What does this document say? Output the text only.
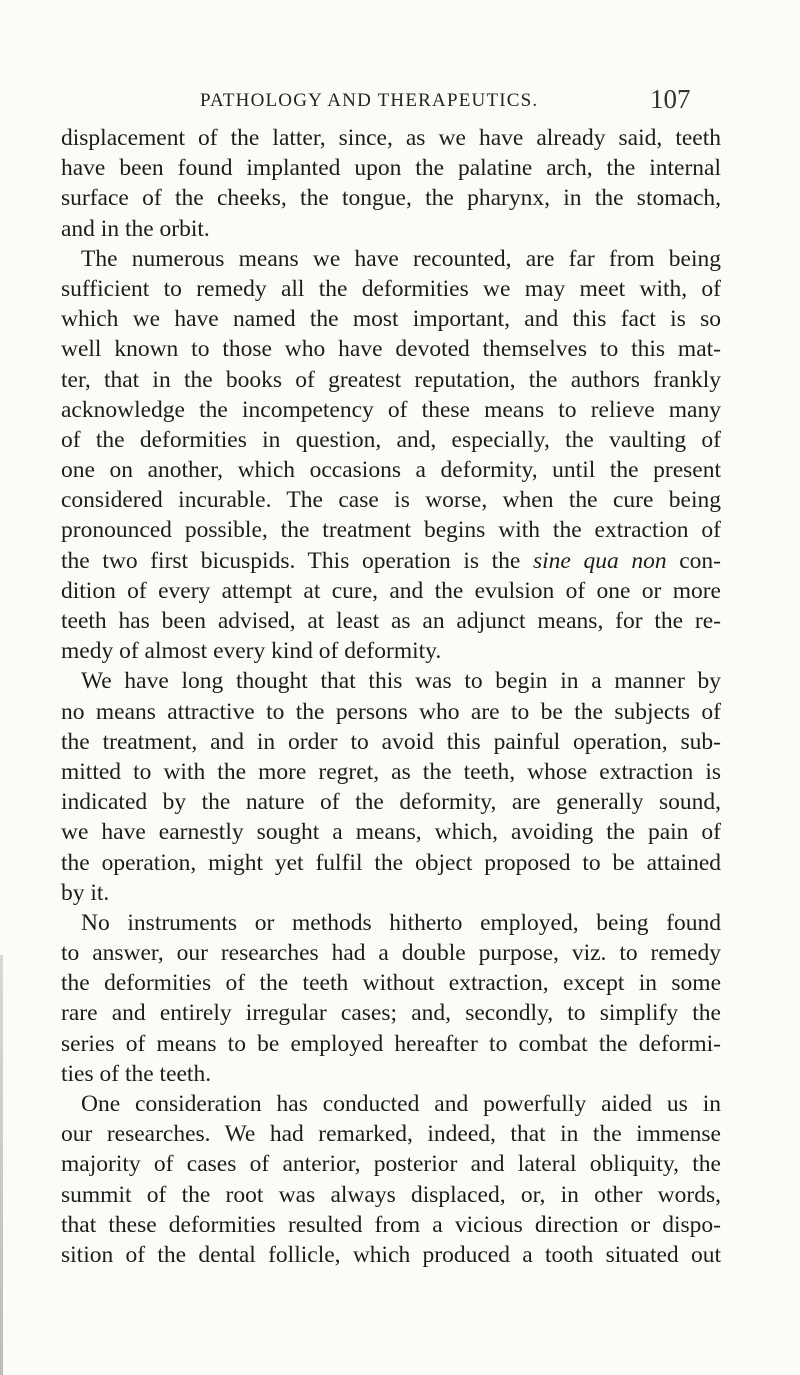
PATHOLOGY AND THERAPEUTICS.	107
displacement of the latter, since, as we have already said, teeth
have been found implanted upon the palatine arch, the internal
surface of the cheeks, the tongue, the pharynx, in the stomach,
and in the orbit.
The numerous means we have recounted, are far from being
sufficient to remedy all the deformities we may meet with, of
which we have named the most important, and this fact is so
well known to those who have devoted themselves to this mat-
ter, that in the books of greatest reputation, the authors frankly
acknowledge the incompetency of these means to relieve many
of the deformities in question, and, especially, the vaulting of
one on another, which occasions a deformity, until the present
considered incurable. The case is worse, when the cure being
pronounced possible, the treatment begins with the extraction of
the two first bicuspids. This operation is the sine qua non con-
dition of every attempt at cure, and the evulsion of one or more
teeth has been advised, at least as an adjunct means, for the re-
medy of almost every kind of deformity.
We have long thought that this was to begin in a manner by
no means attractive to the persons who are to be the subjects of
the treatment, and in order to avoid this painful operation, sub-
mitted to with the more regret, as the teeth, whose extraction is
indicated by the nature of the deformity, are generally sound,
we have earnestly sought a means, which, avoiding the pain of
the operation, might yet fulfil the object proposed to be attained
by it.
No instruments or methods hitherto employed, being found
to answer, our researches had a double purpose, viz. to remedy
the deformities of the teeth without extraction, except in some
rare and entirely irregular cases; and, secondly, to simplify the
series of means to be employed hereafter to combat the deformi-
ties of the teeth.
One consideration has conducted and powerfully aided us in
our researches. We had remarked, indeed, that in the immense
majority of cases of anterior, posterior and lateral obliquity, the
summit of the root was always displaced, or, in other words,
that these deformities resulted from a vicious direction or dispo-
sition of the dental follicle, which produced a tooth situated out
